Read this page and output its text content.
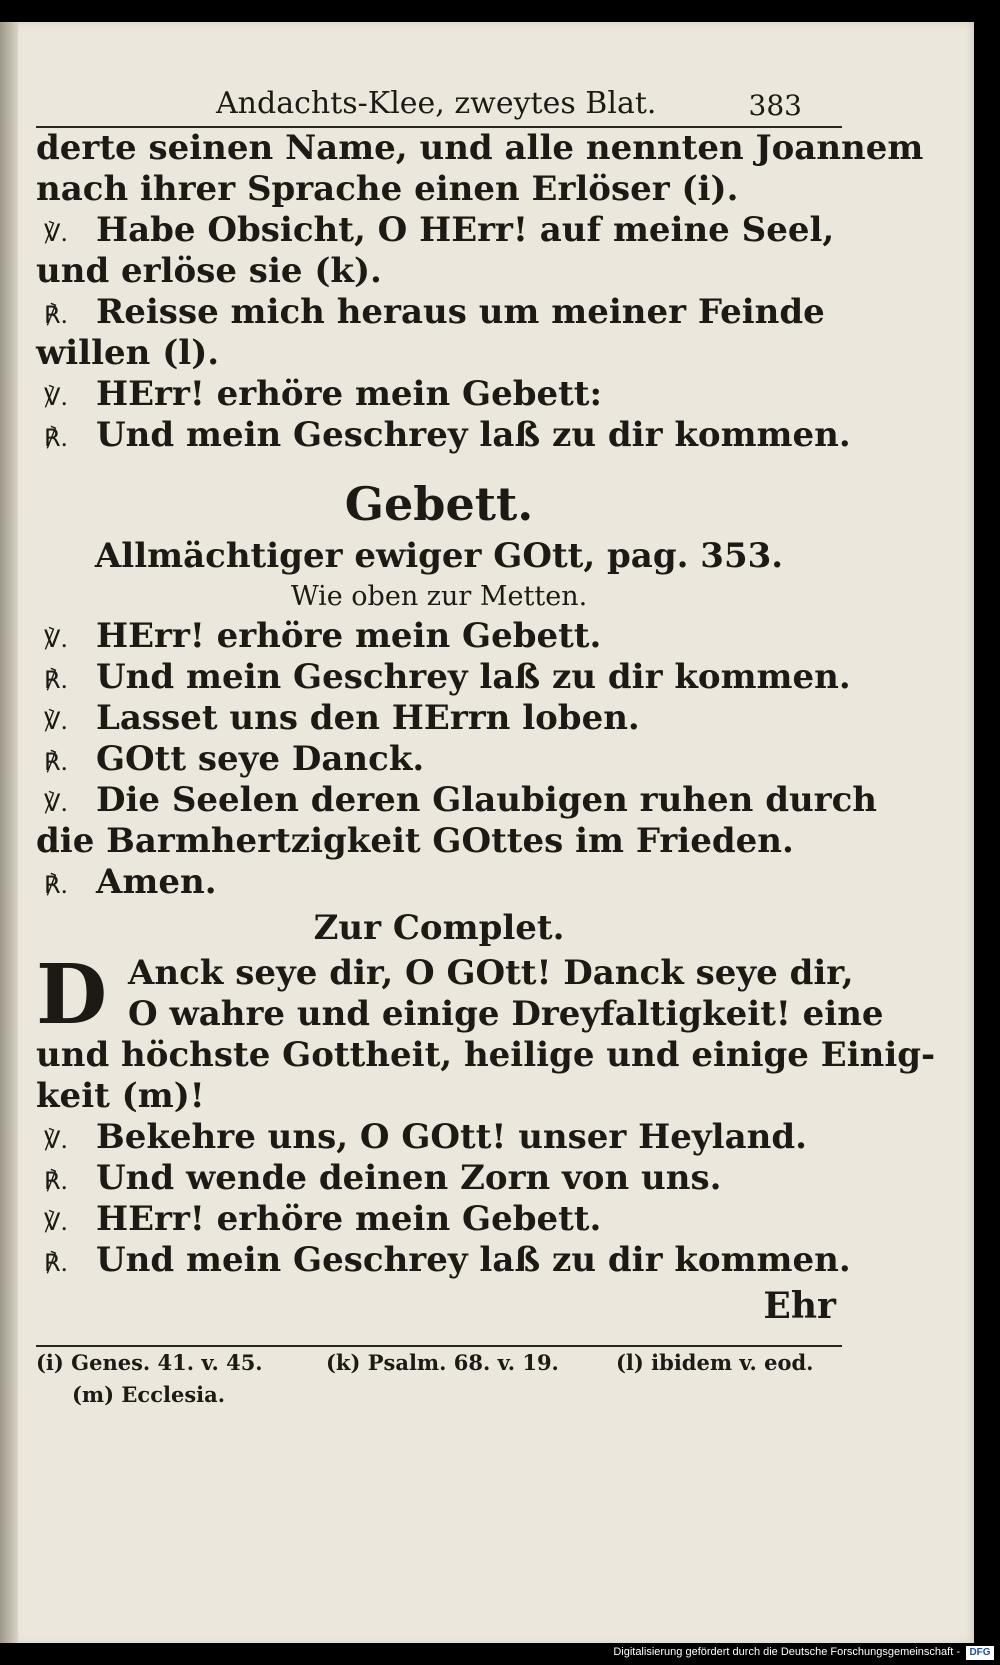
Andachts-Klee, zweytes Blat.	383
derte seinen Name, und alle nennten Joannem
nach ihrer Sprache einen Erlöser (i).
℣. Habe Obsicht, O HErr! auf meine Seel,
und erlöse sie (k).
℟. Reisse mich heraus um meiner Feinde
willen (l).
℣. HErr! erhöre mein Gebett:
℟. Und mein Geschrey laß zu dir kommen.
Gebett.
Allmächtiger ewiger GOtt, pag. 353.
Wie oben zur Metten.
℣. HErr! erhöre mein Gebett.
℟. Und mein Geschrey laß zu dir kommen.
℣. Lasset uns den HErrn loben.
℟. GOtt seye Danck.
℣. Die Seelen deren Glaubigen ruhen durch
die Barmhertzigkeit GOttes im Frieden.
℟. Amen.
Zur Complet.
D Anck seye dir, O GOtt! Danck seye dir,
O wahre und einige Dreyfaltigkeit! eine
und höchste Gottheit, heilige und einige Einig-
keit (m)!
℣. Bekehre uns, O GOtt! unser Heyland.
℟. Und wende deinen Zorn von uns.
℣. HErr! erhöre mein Gebett.
℟. Und mein Geschrey laß zu dir kommen.
Ehr
(i) Genes. 41. v. 45.	(k) Psalm. 68. v. 19.	(l) ibidem v. eod.
(m) Ecclesia.
Digitalisierung gefördert durch die Deutsche Forschungsgemeinschaft - DFG
